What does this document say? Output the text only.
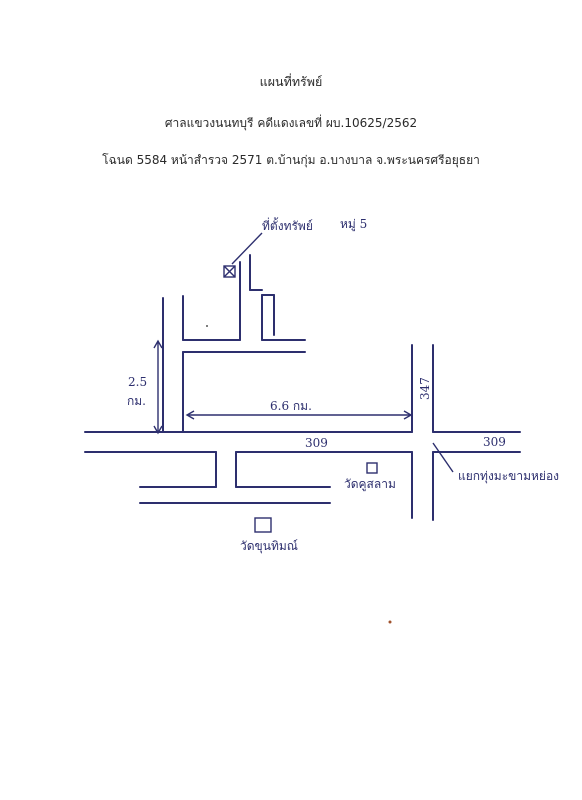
แผนที่ทรัพย์
ศาลแขวงนนทบุรี คดีแดงเลขที่ ผบ.10625/2562
โฉนด 5584 หน้าสำรวจ 2571 ต.บ้านกุ่ม อ.บางบาล จ.พระนครศรีอยุธยา
ที่ตั้งทรัพย์ หมู่ 5
2.5
กม.	6.6 กม.
309	309
347
วัดคูสลาม
วัดขุนทิมณ์
แยกทุ่งมะขามหย่อง
